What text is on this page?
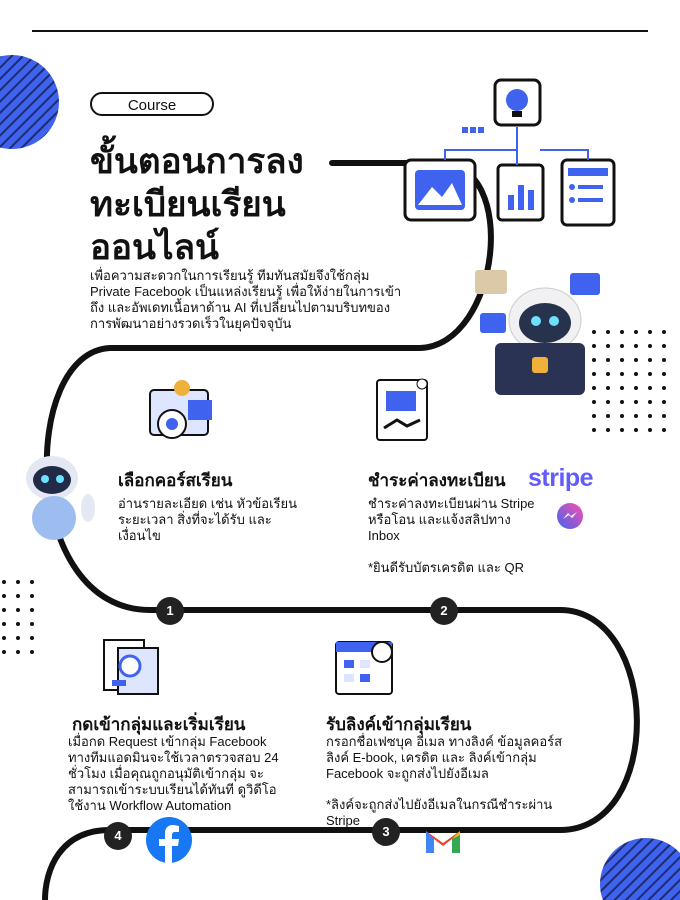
Course
ขั้นตอนการลงทะเบียนเรียนออนไลน์
เพื่อความสะดวกในการเรียนรู้ ทีมทันสมัยจึงใช้กลุ่ม Private Facebook เป็นแหล่งเรียนรู้ เพื่อให้ง่ายในการเข้าถึง และอัพเดทเนื้อหาด้าน AI ที่เปลี่ยนไปตามบริบทของการพัฒนาอย่างรวดเร็วในยุคปัจจุบัน
เลือกคอร์สเรียน
อ่านรายละเอียด เช่น หัวข้อเรียน ระยะเวลา สิ่งที่จะได้รับ และเงื่อนไข
1
ชำระค่าลงทะเบียน
ชำระค่าลงทะเบียนผ่าน Stripe หรือโอน และแจ้งสลิปทาง Inbox
*ยินดีรับบัตรเครดิต และ QR
stripe
2
รับลิงค์เข้ากลุ่มเรียน
กรอกชื่อเฟซบุค อีเมล ทางลิงค์ ข้อมูลคอร์ส ลิงค์ E-book, เครดิต และ ลิงค์เข้ากลุ่ม Facebook จะถูกส่งไปยังอีเมล
*ลิงค์จะถูกส่งไปยังอีเมลในกรณีชำระผ่าน Stripe
3
กดเข้ากลุ่มและเริ่มเรียน
เมื่อกด Request เข้ากลุ่ม Facebook ทางทีมแอดมินจะใช้เวลาตรวจสอบ 24 ชั่วโมง เมื่อคุณถูกอนุมัติเข้ากลุ่ม จะสามารถเข้าระบบเรียนได้ทันที ดูวิดีโอ ใช้งาน Workflow Automation
4
